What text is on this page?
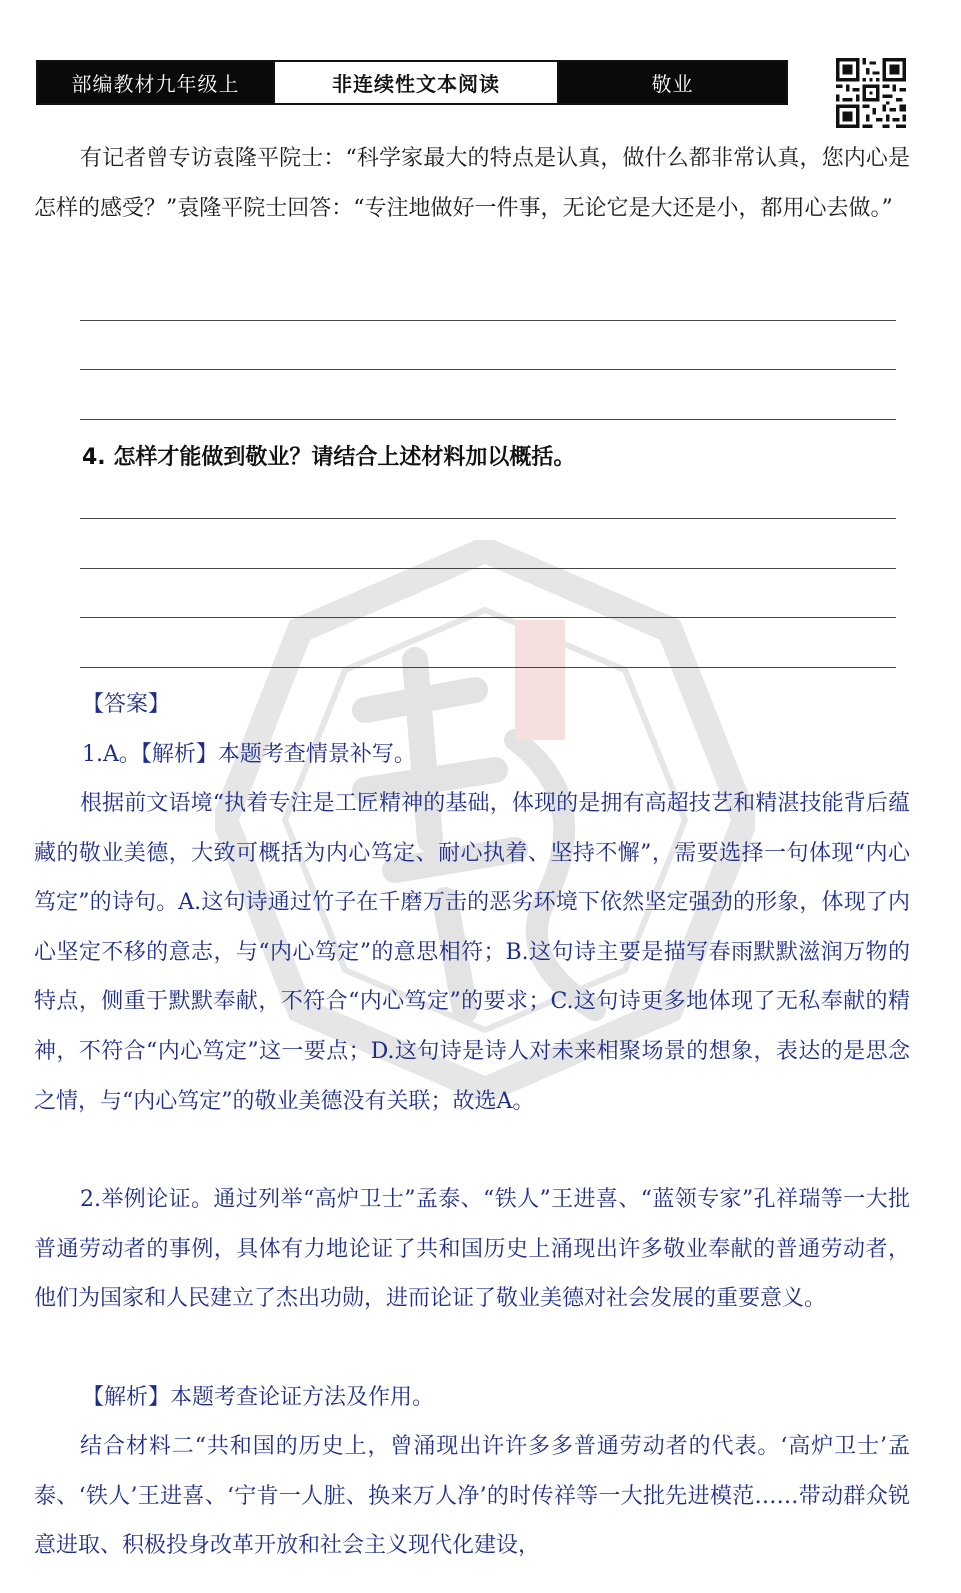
部编教材九年级上	非连续性文本阅读	敬业

有记者曾专访袁隆平院士：“科学家最大的特点是认真，做什么都非常认真，您内心是怎样的感受？”袁隆平院士回答：“专注地做好一件事，无论它是大还是小，都用心去做。”

4. 怎样才能做到敬业？请结合上述材料加以概括。
【答案】
1.A。【解析】本题考查情景补写。

根据前文语境“执着专注是工匠精神的基础，体现的是拥有高超技艺和精湛技能背后蕴藏的敬业美德，大致可概括为内心笃定、耐心执着、坚持不懈”，需要选择一句体现“内心笃定”的诗句。A.这句诗通过竹子在千磨万击的恶劣环境下依然坚定强劲的形象，体现了内心坚定不移的意志，与“内心笃定”的意思相符；B.这句诗主要是描写春雨默默滋润万物的特点，侧重于默默奉献，不符合“内心笃定”的要求；C.这句诗更多地体现了无私奉献的精神，不符合“内心笃定”这一要点；D.这句诗是诗人对未来相聚场景的想象，表达的是思念之情，与“内心笃定”的敬业美德没有关联；故选A。

2.举例论证。通过列举“高炉卫士”孟泰、“铁人”王进喜、“蓝领专家”孔祥瑞等一大批普通劳动者的事例，具体有力地论证了共和国历史上涌现出许多敬业奉献的普通劳动者，他们为国家和人民建立了杰出功勋，进而论证了敬业美德对社会发展的重要意义。

【解析】本题考查论证方法及作用。

结合材料二“共和国的历史上，曾涌现出许许多多普通劳动者的代表。‘高炉卫士’孟泰、‘铁人’王进喜、‘宁肯一人脏、换来万人净’的时传祥等一大批先进模范……带动群众锐意进取、积极投身改革开放和社会主义现代化建设，
